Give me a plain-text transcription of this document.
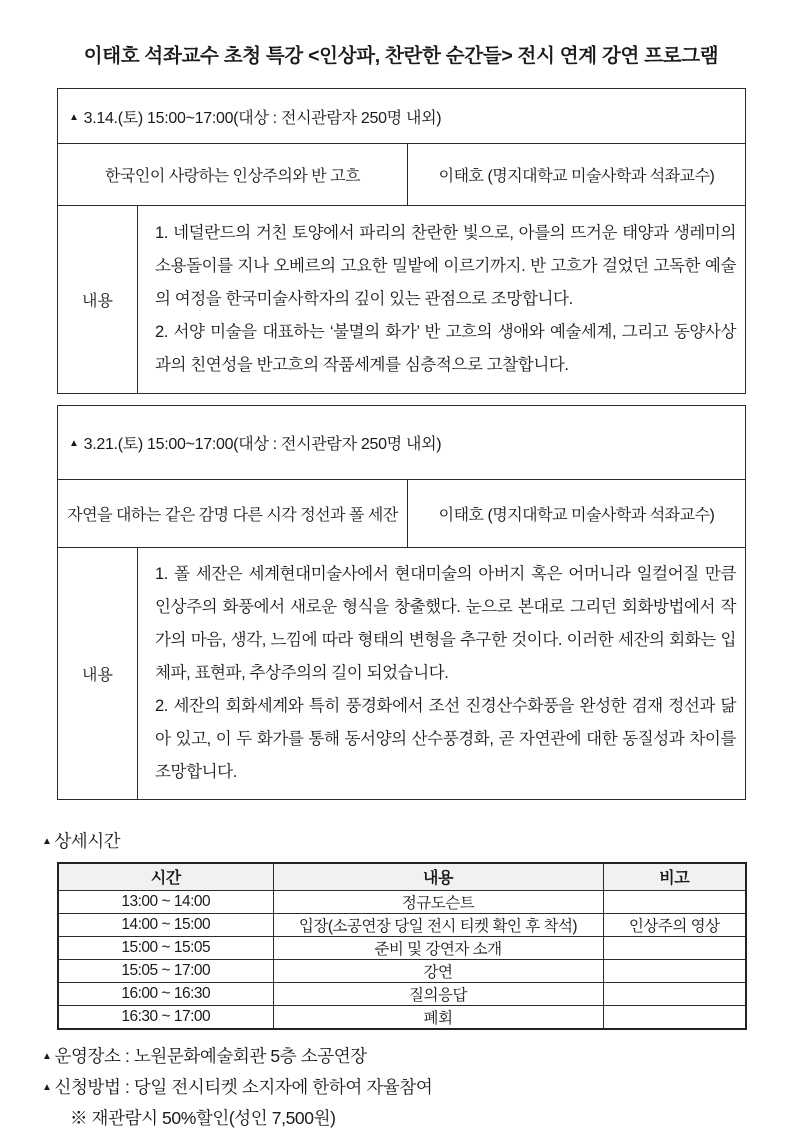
이태호 석좌교수 초청 특강 <인상파, 찬란한 순간들> 전시 연계 강연 프로그램
▲ 3.14.(토) 15:00~17:00(대상 : 전시관람자 250명 내외)		
한국인이 사랑하는 인상주의와 반 고흐		이태호 (명지대학교 미술사학과 석좌교수)
내용	1. 네덜란드의 거친 토양에서 파리의 찬란한 빛으로, 아를의 뜨거운 태양과 생레미의 소용돌이를 지나 오베르의 고요한 밀밭에 이르기까지. 반 고흐가 걸었던 고독한 예술의 여정을 한국미술사학자의 깊이 있는 관점으로 조망합니다.

2. 서양 미술을 대표하는 ‘불멸의 화가’ 반 고흐의 생애와 예술세계, 그리고 동양사상과의 친연성을 반고흐의 작품세계를 심층적으로 고찰합니다.	

▲ 3.21.(토) 15:00~17:00(대상 : 전시관람자 250명 내외)		
자연을 대하는 같은 감명 다른 시각 정선과 폴 세잔		이태호 (명지대학교 미술사학과 석좌교수)
내용	1. 폴 세잔은 세계현대미술사에서 현대미술의 아버지 혹은 어머니라 일컬어질 만큼 인상주의 화풍에서 새로운 형식을 창출했다. 눈으로 본대로 그리던 회화방법에서 작가의 마음, 생각, 느낌에 따라 형태의 변형을 추구한 것이다. 이러한 세잔의 회화는 입체파, 표현파, 추상주의의 길이 되었습니다.

2. 세잔의 회화세계와 특히 풍경화에서 조선 진경산수화풍을 완성한 겸재 정선과 닮아 있고, 이 두 화가를 통해 동서양의 산수풍경화, 곧 자연관에 대한 동질성과 차이를 조망합니다.	

▲ 상세시간
시간	내용	비고
13:00 ~ 14:00	정규도슨트	
14:00 ~ 15:00	입장(소공연장 당일 전시 티켓 확인 후 착석)	인상주의 영상
15:00 ~ 15:05	준비 및 강연자 소개	
15:05 ~ 17:00	강연	
16:00 ~ 16:30	질의응답	
16:30 ~ 17:00	폐회	
▲ 운영장소 : 노원문화예술회관 5층 소공연장
▲ 신청방법 : 당일 전시티켓 소지자에 한하여 자율참여
※ 재관람시 50%할인(성인 7,500원)
